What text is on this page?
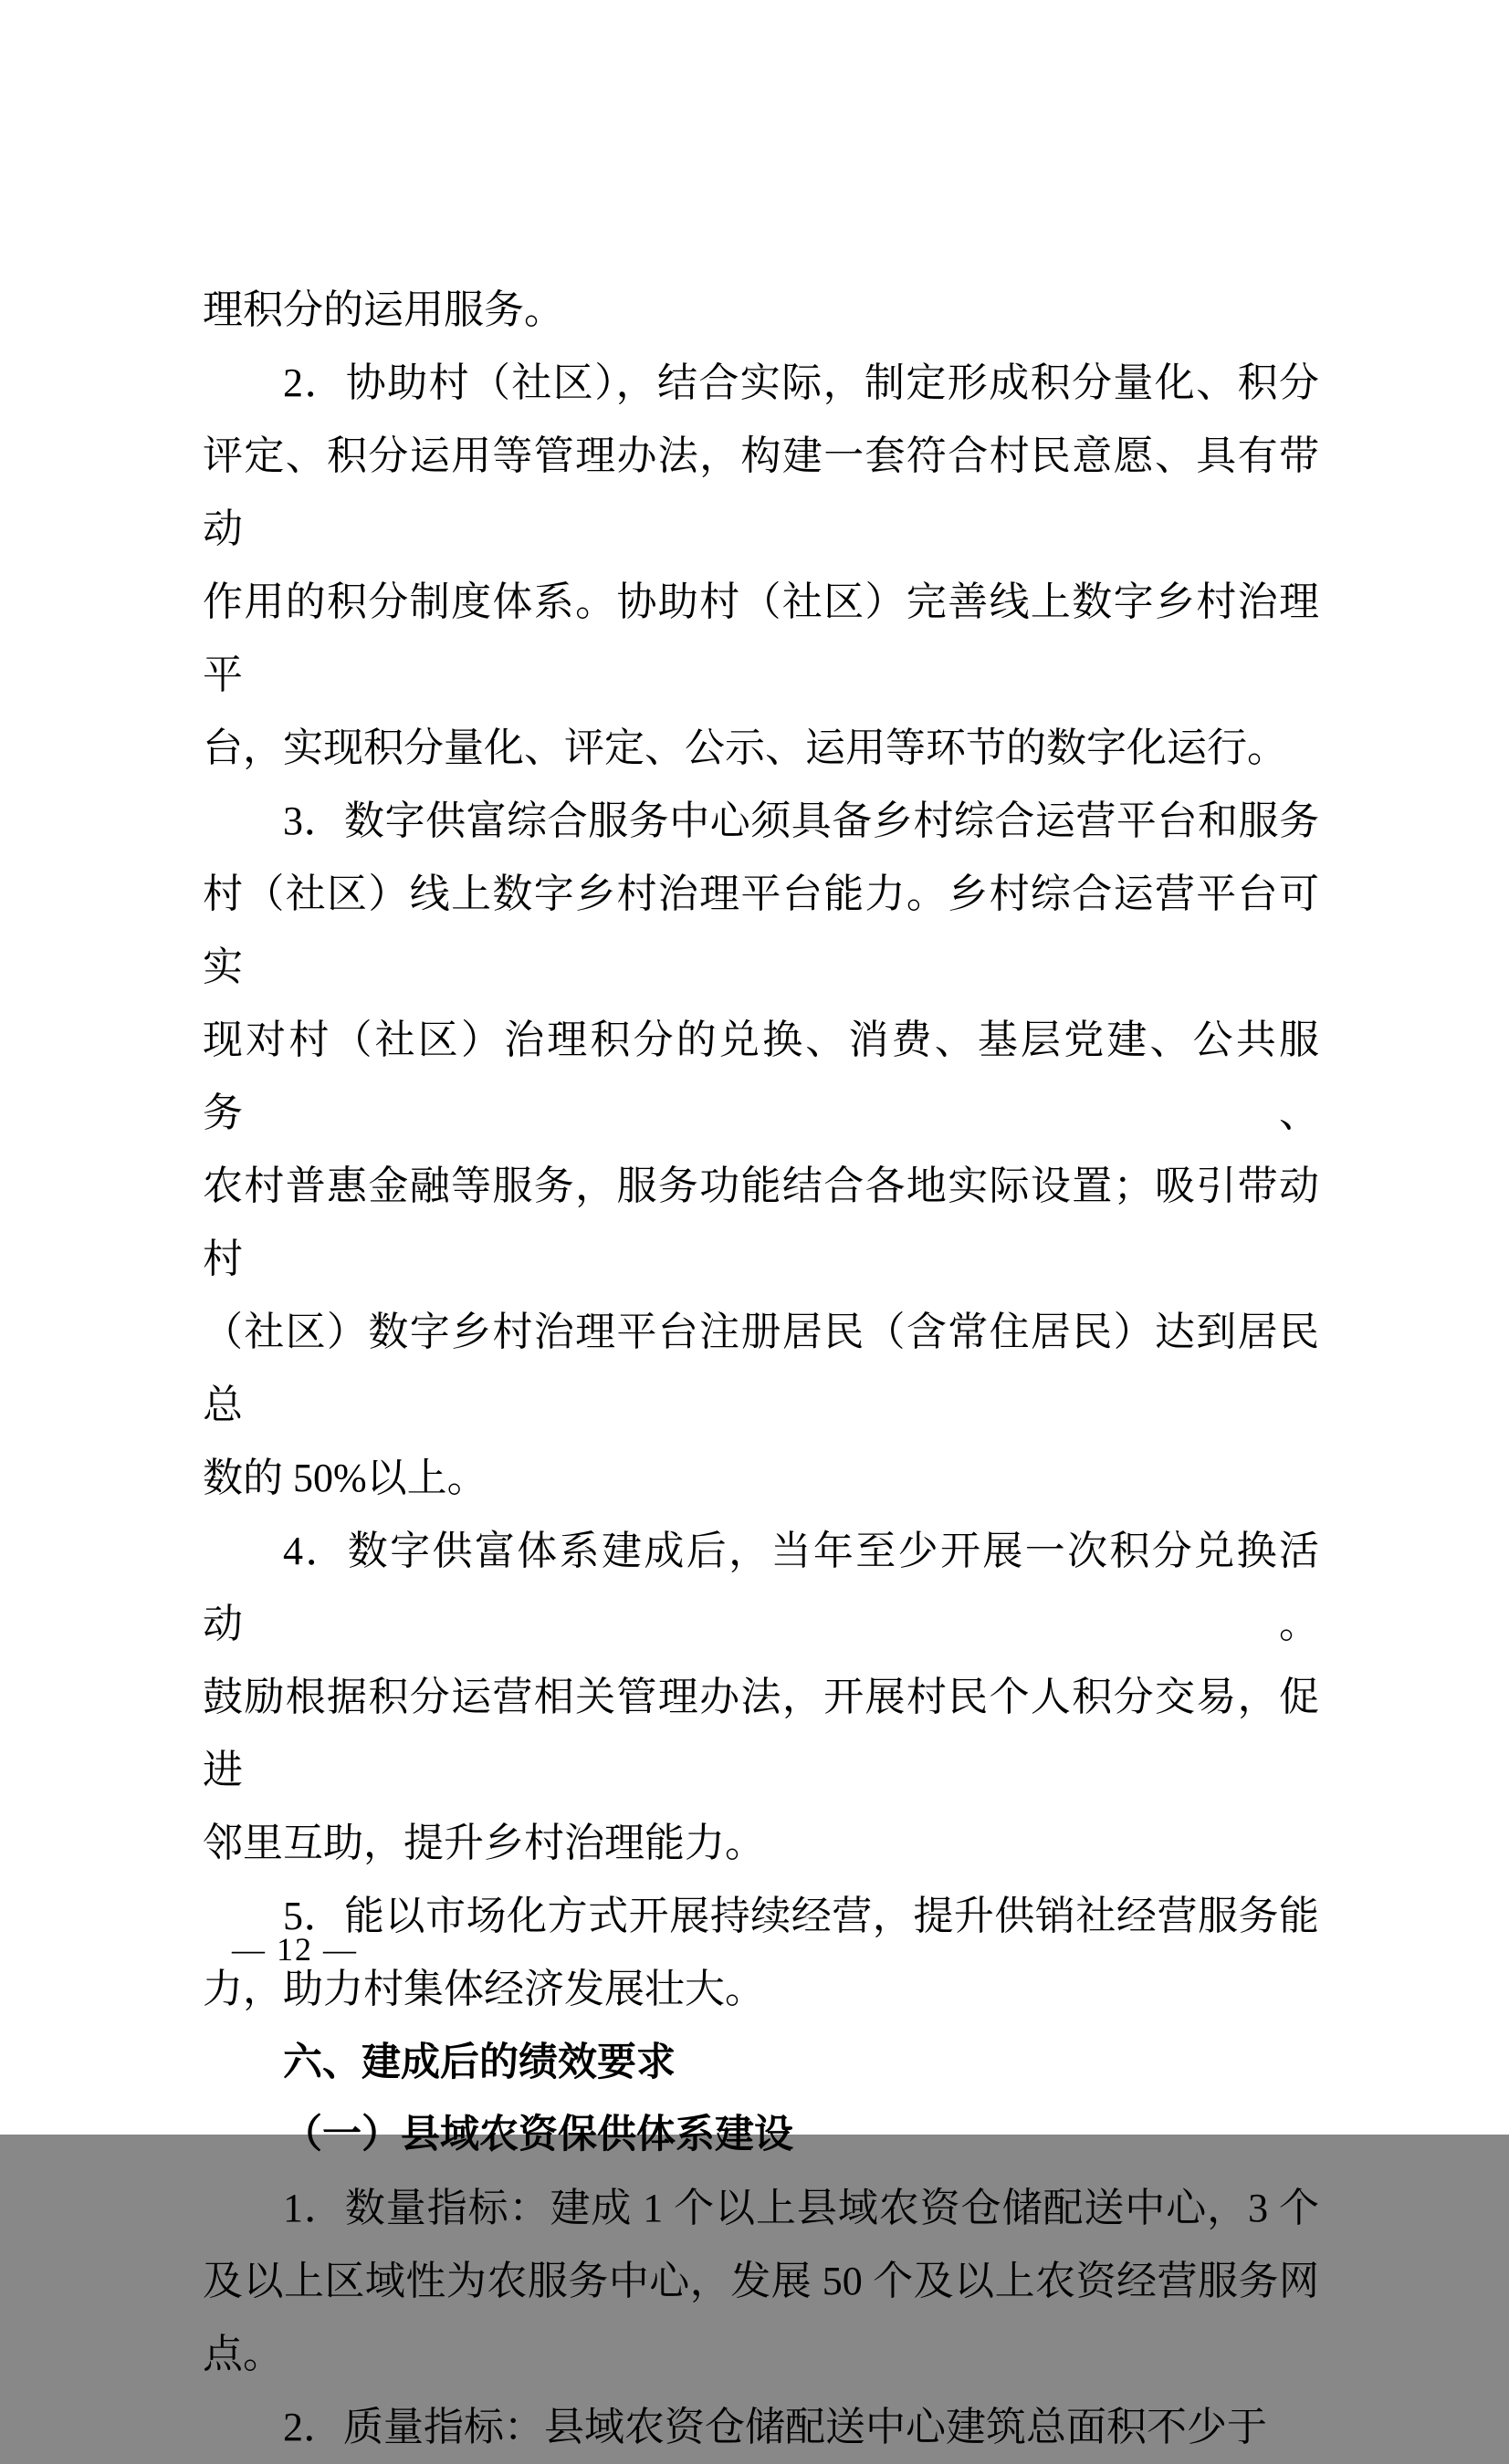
理积分的运用服务。
2．协助村（社区），结合实际，制定形成积分量化、积分
评定、积分运用等管理办法，构建一套符合村民意愿、具有带动
作用的积分制度体系。协助村（社区）完善线上数字乡村治理平
台，实现积分量化、评定、公示、运用等环节的数字化运行。
3．数字供富综合服务中心须具备乡村综合运营平台和服务
村（社区）线上数字乡村治理平台能力。乡村综合运营平台可实
现对村（社区）治理积分的兑换、消费、基层党建、公共服务、
农村普惠金融等服务，服务功能结合各地实际设置；吸引带动村
（社区）数字乡村治理平台注册居民（含常住居民）达到居民总
数的 50%以上。
4．数字供富体系建成后，当年至少开展一次积分兑换活动。
鼓励根据积分运营相关管理办法，开展村民个人积分交易，促进
邻里互助，提升乡村治理能力。
5．能以市场化方式开展持续经营，提升供销社经营服务能
力，助力村集体经济发展壮大。
六、建成后的绩效要求
（一）县域农资保供体系建设
1．数量指标：建成 1 个以上县域农资仓储配送中心，3 个
及以上区域性为农服务中心，发展 50 个及以上农资经营服务网
点。
2．质量指标：县域农资仓储配送中心建筑总面积不少于
— 12 —
